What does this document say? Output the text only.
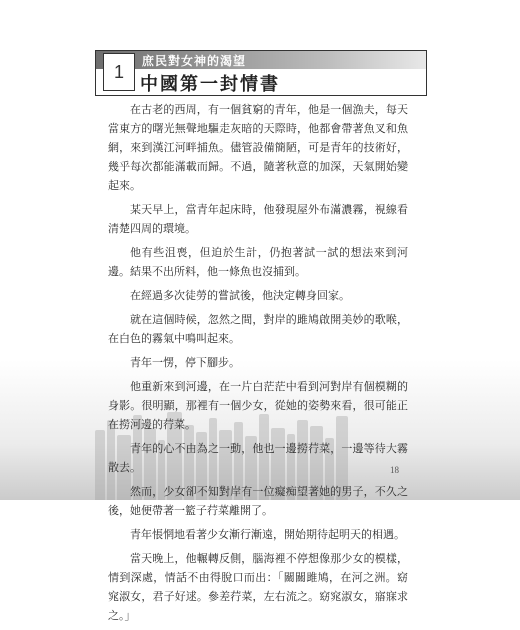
1
庶民對女神的渴望
中國第一封情書

在古老的西周，有一個貧窮的青年，他是一個漁夫，每天當東方的曙光無聲地驅走灰暗的天際時，他都會帶著魚叉和魚網，來到漢江河畔捕魚。儘管設備簡陋，可是青年的技術好，幾乎每次都能滿載而歸。不過，隨著秋意的加深，天氣開始變起來。

某天早上，當青年起床時，他發現屋外布滿濃霧，視線看清楚四周的環境。

他有些沮喪，但迫於生計，仍抱著試一試的想法來到河邊。結果不出所料，他一條魚也沒捕到。

在經過多次徒勞的嘗試後，他決定轉身回家。

就在這個時候，忽然之間，對岸的雎鳩啟開美妙的歌喉，在白色的霧氣中鳴叫起來。

青年一愣，停下腳步。

他重新來到河邊，在一片白茫茫中看到河對岸有個模糊的身影。很明顯，那裡有一個少女，從她的姿勢來看，很可能正在撈河邊的荇菜。

青年的心不由為之一動，他也一邊撈荇菜，一邊等待大霧散去。

然而，少女卻不知對岸有一位癡痴望著她的男子，不久之後，她便帶著一籃子荇菜離開了。

青年悵惘地看著少女漸行漸遠，開始期待起明天的相遇。

當天晚上，他輾轉反側，腦海裡不停想像那少女的模樣，情到深處，情話不由得脫口而出：「關關雎鳩，在河之洲。窈窕淑女，君子好逑。參差荇菜，左右流之。窈窕淑女，寤寐求之。」

18
